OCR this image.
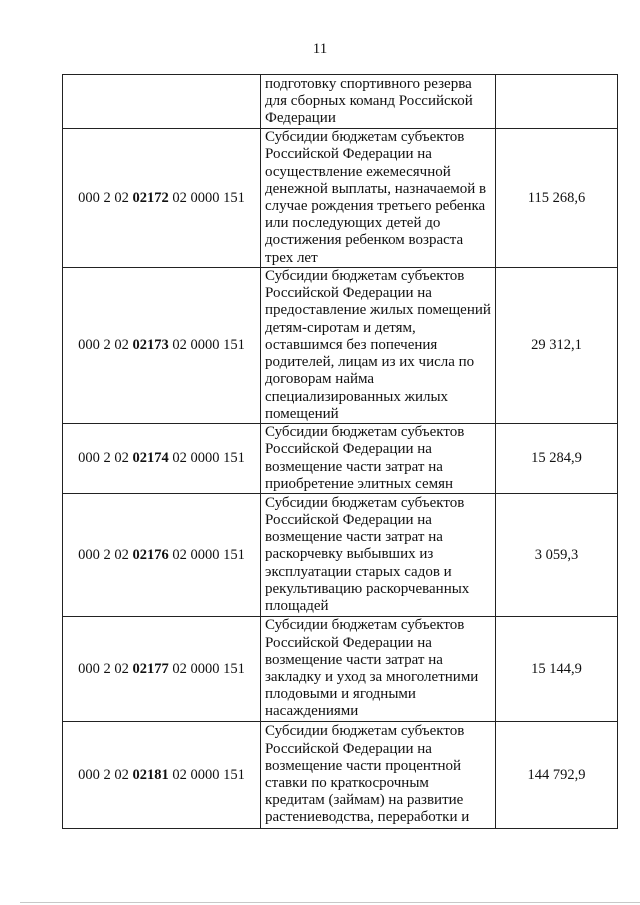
11
	подготовку спортивного резерва для сборных команд Российской Федерации	
000 2 02 02172 02 0000 151	Субсидии бюджетам субъектов Российской Федерации на осуществление ежемесячной денежной выплаты, назначаемой в случае рождения третьего ребенка или последующих детей до достижения ребенком возраста трех лет	115 268,6
000 2 02 02173 02 0000 151	Субсидии бюджетам субъектов Российской Федерации на предоставление жилых помещений детям-сиротам и детям, оставшимся без попечения родителей, лицам из их числа по договорам найма специализированных жилых помещений	29 312,1
000 2 02 02174 02 0000 151	Субсидии бюджетам субъектов Российской Федерации на возмещение части затрат на приобретение элитных семян	15 284,9
000 2 02 02176 02 0000 151	Субсидии бюджетам субъектов Российской Федерации на возмещение части затрат на раскорчевку выбывших из эксплуатации старых садов и рекультивацию раскорчеванных площадей	3 059,3
000 2 02 02177 02 0000 151	Субсидии бюджетам субъектов Российской Федерации на возмещение части затрат на закладку и уход за многолетними плодовыми и ягодными насаждениями	15 144,9
000 2 02 02181 02 0000 151	Субсидии бюджетам субъектов Российской Федерации на возмещение части процентной ставки по краткосрочным кредитам (займам) на развитие растениеводства, переработки и	144 792,9
